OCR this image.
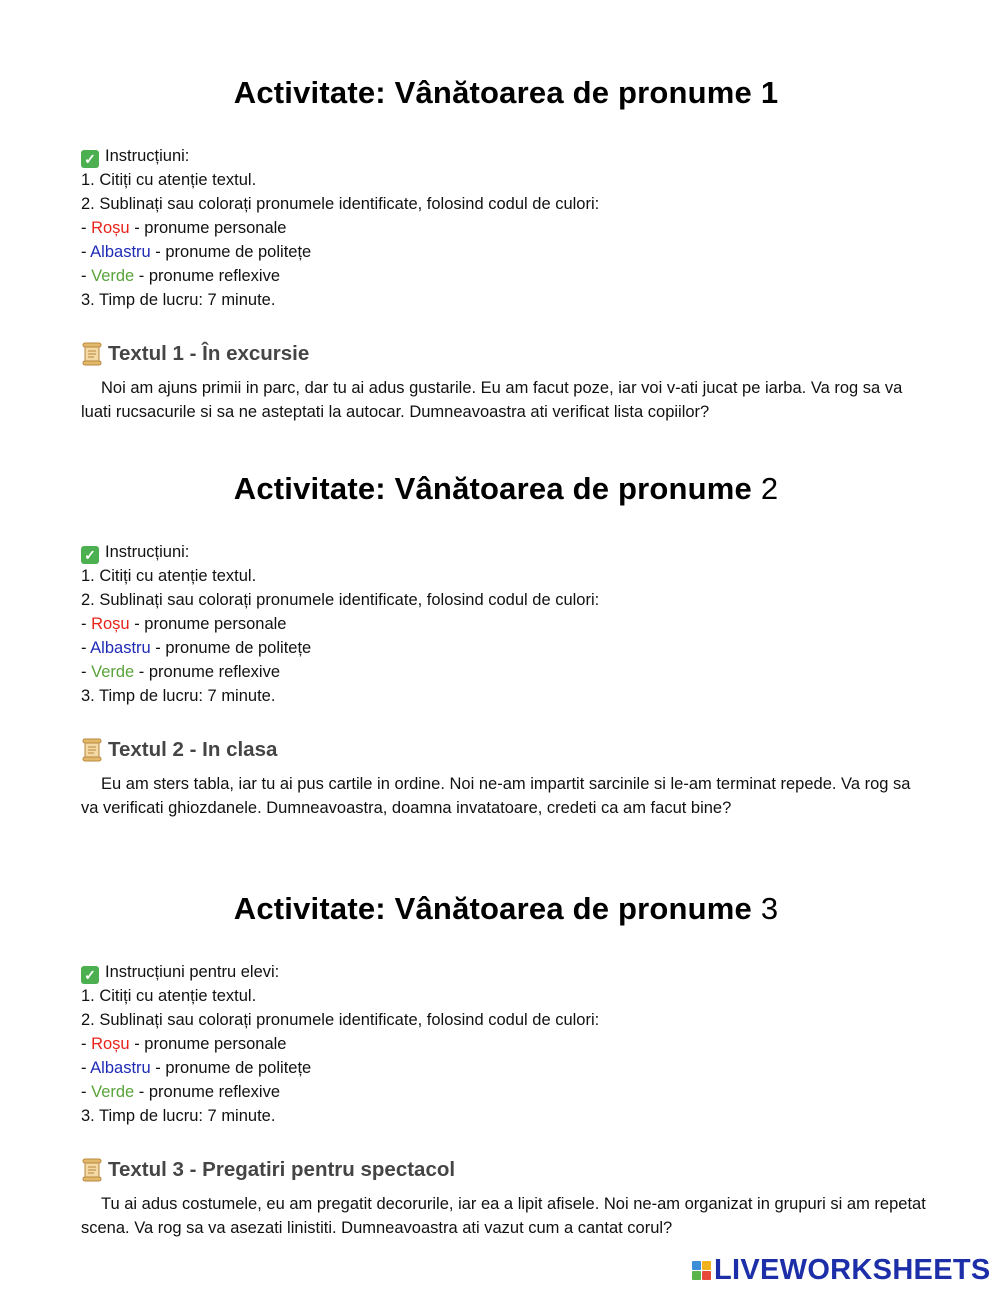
Activitate: Vânătoarea de pronume 1
✓ Instrucțiuni:
1. Citiți cu atenție textul.
2. Sublinați sau colorați pronumele identificate, folosind codul de culori:
- Roșu - pronume personale
- Albastru - pronume de politețe
- Verde - pronume reflexive
3. Timp de lucru: 7 minute.
Textul 1 - În excursie

Noi am ajuns primii in parc, dar tu ai adus gustarile. Eu am facut poze, iar voi v-ati jucat pe iarba. Va rog sa va luati rucsacurile si sa ne asteptati la autocar. Dumneavoastra ati verificat lista copiilor?

Activitate: Vânătoarea de pronume 2
✓ Instrucțiuni:
1. Citiți cu atenție textul.
2. Sublinați sau colorați pronumele identificate, folosind codul de culori:
- Roșu - pronume personale
- Albastru - pronume de politețe
- Verde - pronume reflexive
3. Timp de lucru: 7 minute.
Textul 2 - In clasa

Eu am sters tabla, iar tu ai pus cartile in ordine. Noi ne-am impartit sarcinile si le-am terminat repede. Va rog sa va verificati ghiozdanele. Dumneavoastra, doamna invatatoare, credeti ca am facut bine?

Activitate: Vânătoarea de pronume 3
✓ Instrucțiuni pentru elevi:
1. Citiți cu atenție textul.
2. Sublinați sau colorați pronumele identificate, folosind codul de culori:
- Roșu - pronume personale
- Albastru - pronume de politețe
- Verde - pronume reflexive
3. Timp de lucru: 7 minute.
Textul 3 - Pregatiri pentru spectacol

Tu ai adus costumele, eu am pregatit decorurile, iar ea a lipit afisele. Noi ne-am organizat in grupuri si am repetat scena. Va rog sa va asezati linistiti. Dumneavoastra ati vazut cum a cantat corul?

LIVEWORKSHEETS
